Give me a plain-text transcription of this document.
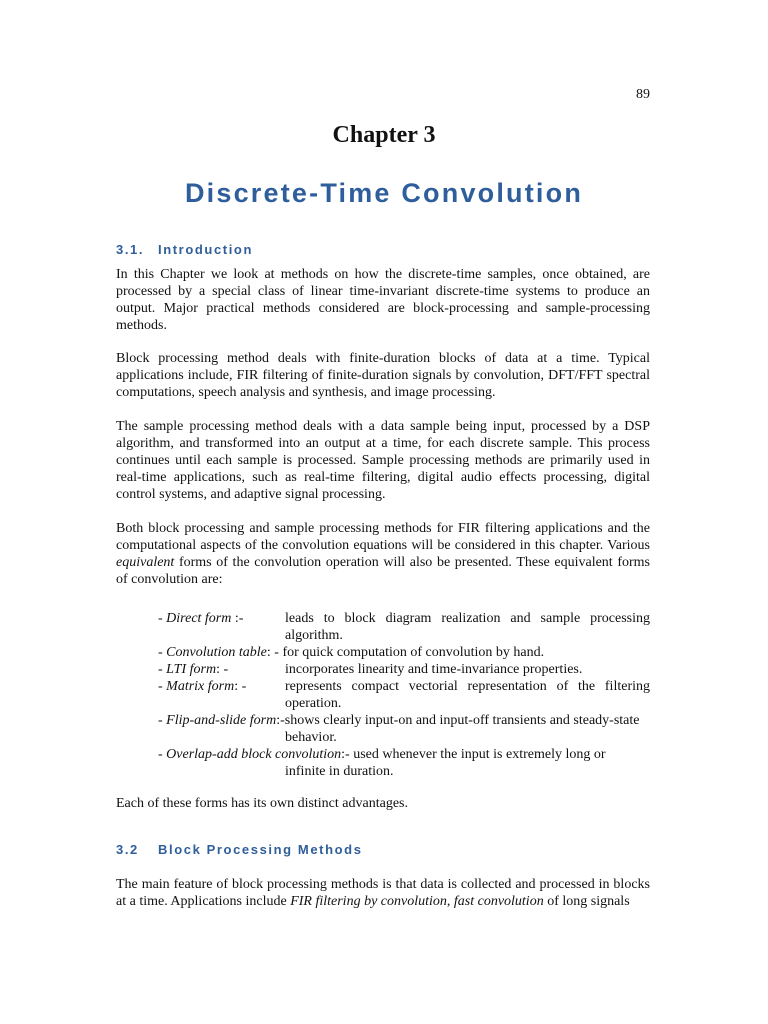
89
Chapter 3
Discrete-Time Convolution
3.1. Introduction
In this Chapter we look at methods on how the discrete-time samples, once obtained, are processed by a special class of linear time-invariant discrete-time systems to produce an output. Major practical methods considered are block-processing and sample-processing methods.
Block processing method deals with finite-duration blocks of data at a time. Typical applications include, FIR filtering of finite-duration signals by convolution, DFT/FFT spectral computations, speech analysis and synthesis, and image processing.
The sample processing method deals with a data sample being input, processed by a DSP algorithm, and transformed into an output at a time, for each discrete sample. This process continues until each sample is processed. Sample processing methods are primarily used in real-time applications, such as real-time filtering, digital audio effects processing, digital control systems, and adaptive signal processing.
Both block processing and sample processing methods for FIR filtering applications and the computational aspects of the convolution equations will be considered in this chapter. Various equivalent forms of the convolution operation will also be presented. These equivalent forms of convolution are:
- Direct form :-	leads to block diagram realization and sample processing algorithm.
- Convolution table: - for quick computation of convolution by hand.
- LTI form: -	incorporates linearity and time-invariance properties.
- Matrix form: -	represents compact vectorial representation of the filtering operation.
- Flip-and-slide form:- shows clearly input-on and input-off transients and steady-state
behavior.
- Overlap-add block convolution:- used whenever the input is extremely long or
infinite in duration.
Each of these forms has its own distinct advantages.
3.2 Block Processing Methods
The main feature of block processing methods is that data is collected and processed in blocks at a time. Applications include FIR filtering by convolution, fast convolution of long signals
